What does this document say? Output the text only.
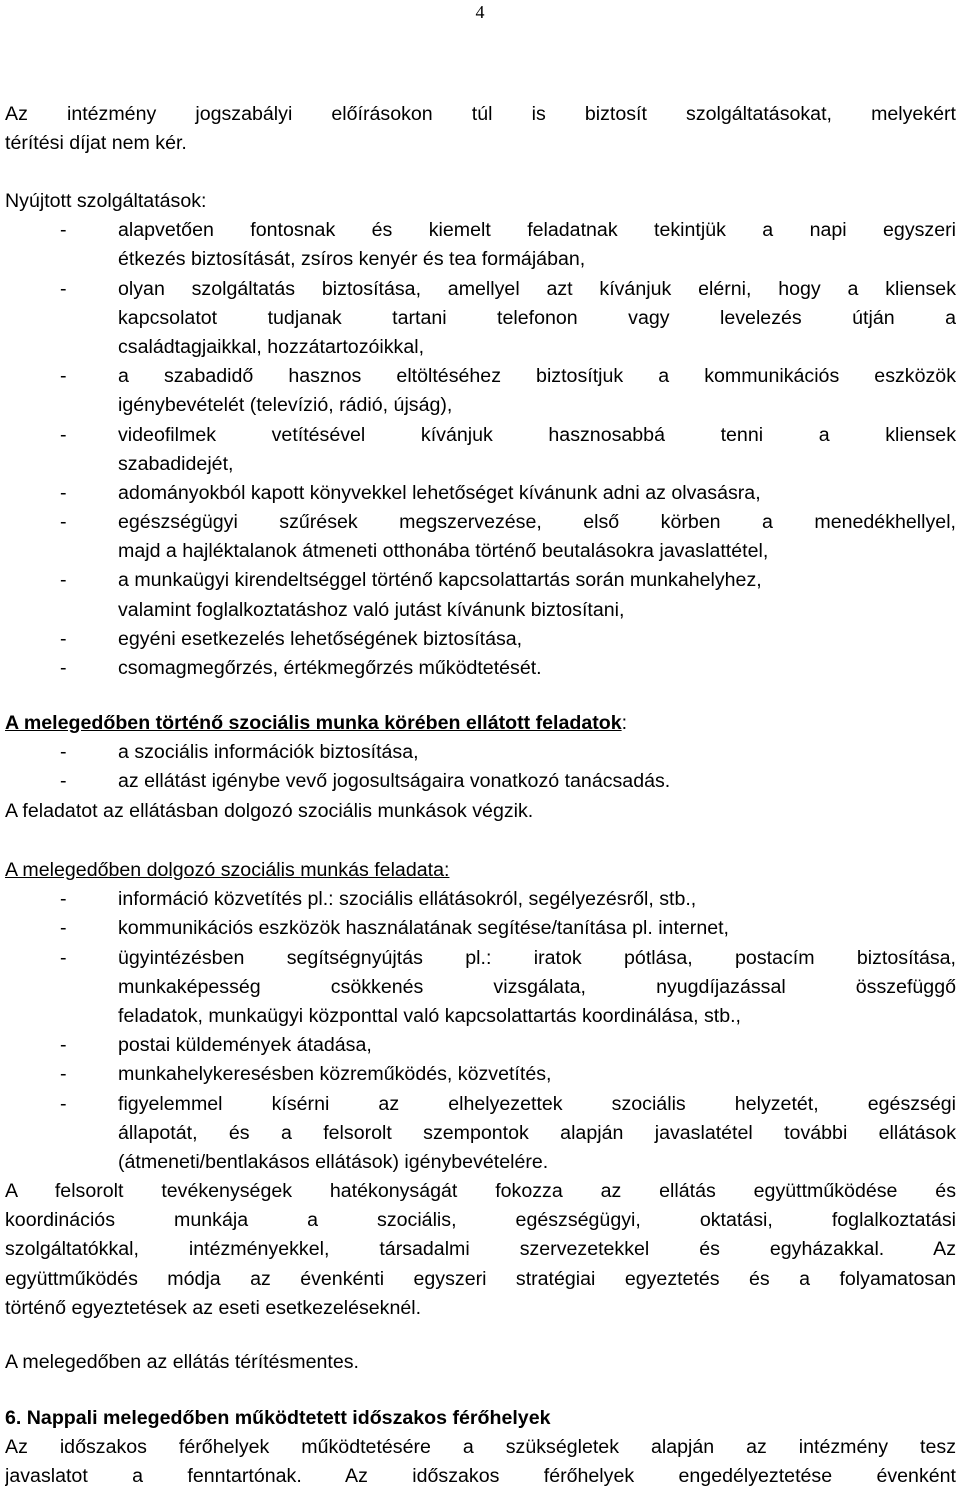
4
Az intézmény jogszabályi előírásokon túl is biztosít szolgáltatásokat, melyekért
térítési díjat nem kér.
Nyújtott szolgáltatások:
-	alapvetően fontosnak és kiemelt feladatnak tekintjük a napi egyszeri
étkezés biztosítását, zsíros kenyér és tea formájában,
-	olyan szolgáltatás biztosítása, amellyel azt kívánjuk elérni, hogy a kliensek
kapcsolatot tudjanak tartani telefonon vagy levelezés útján a
családtagjaikkal, hozzátartozóikkal,
-	a szabadidő hasznos eltöltéséhez biztosítjuk a kommunikációs eszközök
igénybevételét (televízió, rádió, újság),
-	videofilmek vetítésével kívánjuk hasznosabbá tenni a kliensek
szabadidejét,
-	adományokból kapott könyvekkel lehetőséget kívánunk adni az olvasásra,
-	egészségügyi szűrések megszervezése, első körben a menedékhellyel,
majd a hajléktalanok átmeneti otthonába történő beutalásokra javaslattétel,
-	a munkaügyi kirendeltséggel történő kapcsolattartás során munkahelyhez,
valamint foglalkoztatáshoz való jutást kívánunk biztosítani,
-	egyéni esetkezelés lehetőségének biztosítása,
-	csomagmegőrzés, értékmegőrzés működtetését.
A melegedőben történő szociális munka körében ellátott feladatok:
-	a szociális információk biztosítása,
-	az ellátást igénybe vevő jogosultságaira vonatkozó tanácsadás.
A feladatot az ellátásban dolgozó szociális munkások végzik.
A melegedőben dolgozó szociális munkás feladata:
-	információ közvetítés pl.: szociális ellátásokról, segélyezésről, stb.,
-	kommunikációs eszközök használatának segítése/tanítása pl. internet,
-	ügyintézésben segítségnyújtás pl.: iratok pótlása, postacím biztosítása,
munkaképesség csökkenés vizsgálata, nyugdíjazással összefüggő
feladatok, munkaügyi központtal való kapcsolattartás koordinálása, stb.,
-	postai küldemények átadása,
-	munkahelykeresésben közreműködés, közvetítés,
-	figyelemmel kísérni az elhelyezettek szociális helyzetét, egészségi
állapotát, és a felsorolt szempontok alapján javaslatétel további ellátások
(átmeneti/bentlakásos ellátások) igénybevételére.
A felsorolt tevékenységek hatékonyságát fokozza az ellátás együttműködése és
koordinációs munkája a szociális, egészségügyi, oktatási, foglalkoztatási
szolgáltatókkal, intézményekkel, társadalmi szervezetekkel és egyházakkal. Az
együttműködés módja az évenkénti egyszeri stratégiai egyeztetés és a folyamatosan
történő egyeztetések az eseti esetkezeléseknél.
A melegedőben az ellátás térítésmentes.
6. Nappali melegedőben működtetett időszakos férőhelyek
Az időszakos férőhelyek működtetésére a szükségletek alapján az intézmény tesz
javaslatot a fenntartónak. Az időszakos férőhelyek engedélyeztetése évenként
